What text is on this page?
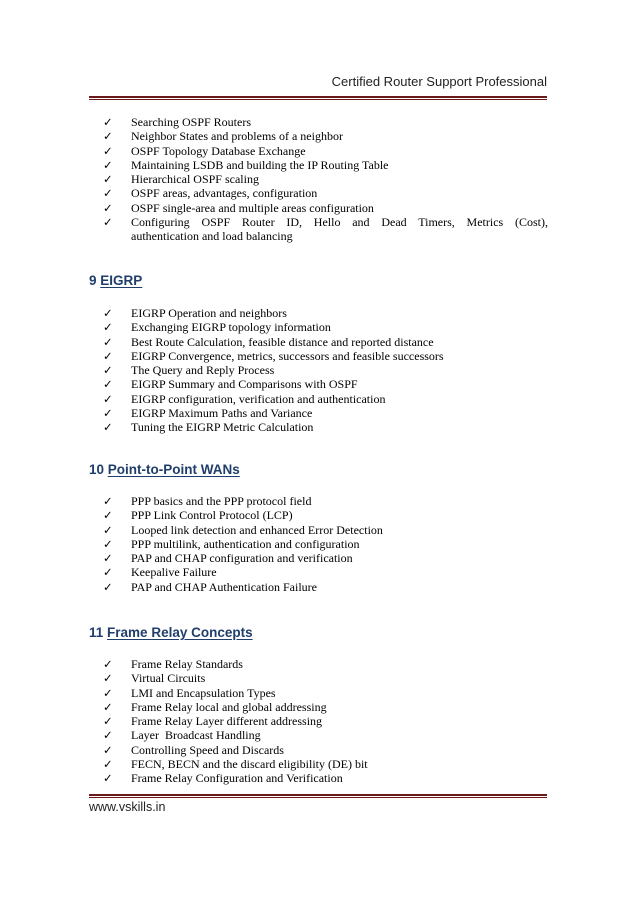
Certified Router Support Professional
✓ Searching OSPF Routers
✓ Neighbor States and problems of a neighbor
✓ OSPF Topology Database Exchange
✓ Maintaining LSDB and building the IP Routing Table
✓ Hierarchical OSPF scaling
✓ OSPF areas, advantages, configuration
✓ OSPF single-area and multiple areas configuration
✓ Configuring OSPF Router ID, Hello and Dead Timers, Metrics (Cost),
authentication and load balancing
9 EIGRP
✓ EIGRP Operation and neighbors
✓ Exchanging EIGRP topology information
✓ Best Route Calculation, feasible distance and reported distance
✓ EIGRP Convergence, metrics, successors and feasible successors
✓ The Query and Reply Process
✓ EIGRP Summary and Comparisons with OSPF
✓ EIGRP configuration, verification and authentication
✓ EIGRP Maximum Paths and Variance
✓ Tuning the EIGRP Metric Calculation
10 Point-to-Point WANs
✓ PPP basics and the PPP protocol field
✓ PPP Link Control Protocol (LCP)
✓ Looped link detection and enhanced Error Detection
✓ PPP multilink, authentication and configuration
✓ PAP and CHAP configuration and verification
✓ Keepalive Failure
✓ PAP and CHAP Authentication Failure
11 Frame Relay Concepts
✓ Frame Relay Standards
✓ Virtual Circuits
✓ LMI and Encapsulation Types
✓ Frame Relay local and global addressing
✓ Frame Relay Layer different addressing
✓ Layer  Broadcast Handling
✓ Controlling Speed and Discards
✓ FECN, BECN and the discard eligibility (DE) bit
✓ Frame Relay Configuration and Verification
www.vskills.in
